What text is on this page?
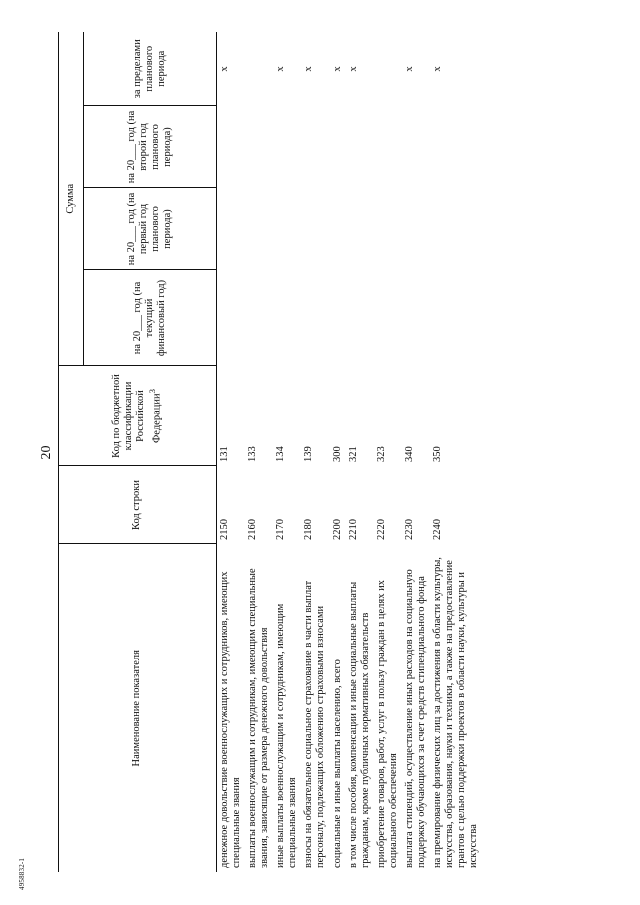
20
4958832-1
Наименование показателя	Код строки	Код по бюджетной классификации Российской Федерации$^3$	Сумма			
			на 20___ год (на текущий финансовый год)	на 20___ год (на первый год планового периода)	на 20___ год (на второй год планового периода)	за пределами планового периода
денежное довольствие военнослужащих и сотрудников, имеющих специальные звания	2150	131				x
выплаты военнослужащим и сотрудникам, имеющим специальные звания, зависящие от размера денежного довольствия	2160	133				
иные выплаты военнослужащим и сотрудникам, имеющим специальные звания	2170	134				x
взносы на обязательное социальное страхование в части выплат персоналу, подлежащих обложению страховыми взносами	2180	139				x
социальные и иные выплаты населению, всего	2200	300				x
в том числе пособия, компенсации и иные социальные выплаты гражданам, кроме публичных нормативных обязательств	2210	321				x
приобретение товаров, работ, услуг в пользу граждан в целях их социального обеспечения	2220	323				
выплата стипендий, осуществление иных расходов на социальную поддержку обучающихся за счет средств стипендиального фонда	2230	340				x
на премирование физических лиц за достижения в области культуры, искусства, образования, науки и техники, а также на предоставление грантов с целью поддержки проектов в области науки, культуры и искусства	2240	350				x
